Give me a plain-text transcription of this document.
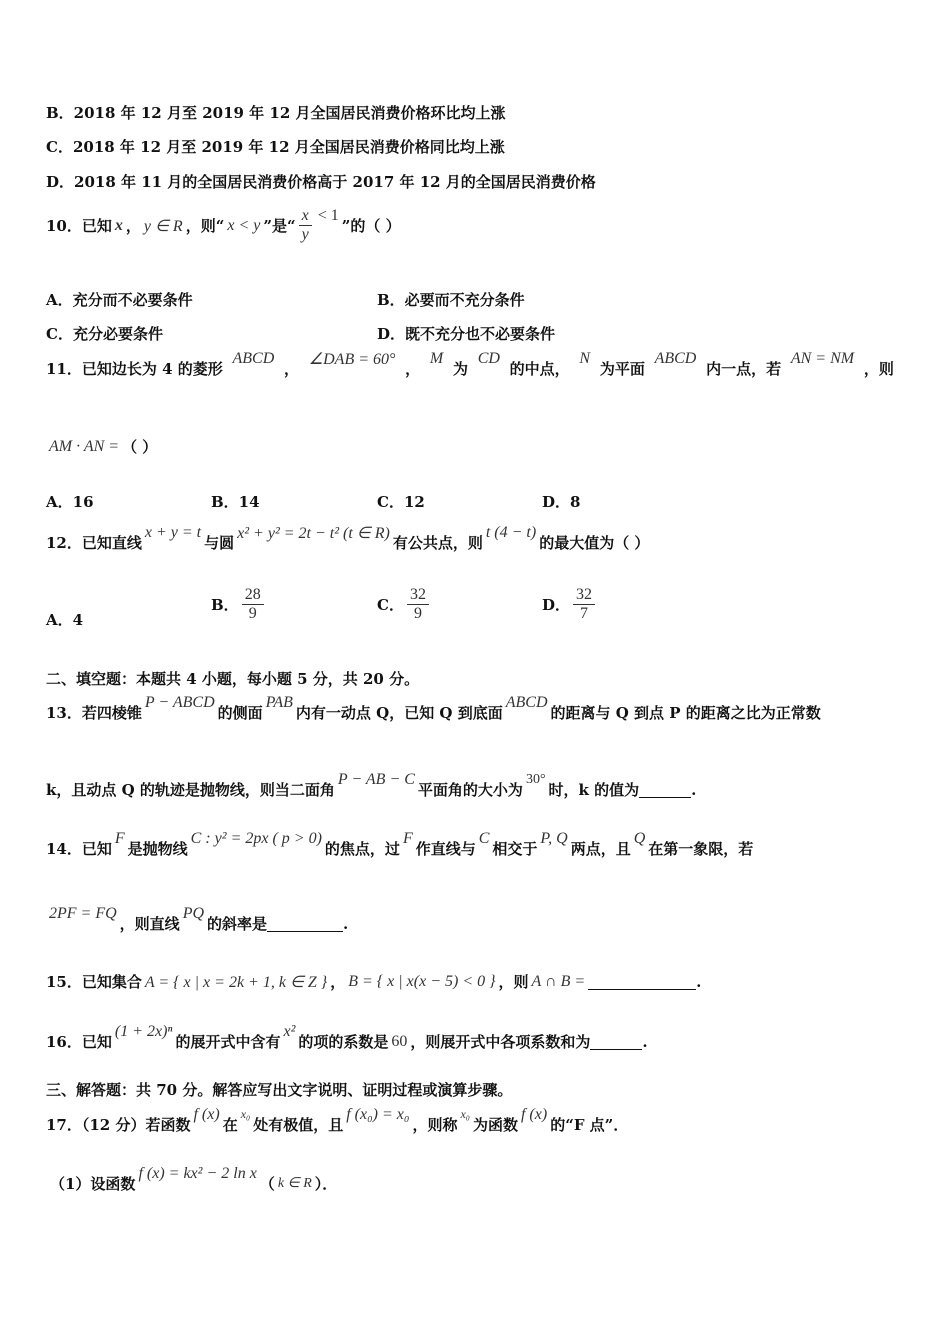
B．2018 年 12 月至 2019 年 12 月全国居民消费价格环比均上涨
C．2018 年 12 月至 2019 年 12 月全国居民消费价格同比均上涨
D．2018 年 11 月的全国居民消费价格高于 2017 年 12 月的全国居民消费价格
10．已知 x ， y ∈ R ，则“ x < y ”是“ $\frac{x}{y} < 1$
”的（ ）
A．充分而不必要条件	B．必要而不充分条件
C．充分必要条件	D．既不充分也不必要条件
11．已知边长为 4 的菱形
ABCD
，
∠DAB = 60°
，
M
为
CD
的中点，
N
为平面
ABCD
内一点，若
AN = NM
，则
AM · AN = （ ）
A．16	B．14	C．12	D．8
12．已知直线
x + y = t
与圆
x² + y² = 2t − t² (t ∈ R)
有公共点，则
t (4 − t)
的最大值为（ ）
A．4
B． $\frac{28}{9}$	C． $\frac{32}{9}$	D． $\frac{32}{7}$
二、填空题：本题共 4 小题，每小题 5 分，共 20 分。
13．若四棱锥
P − ABCD
的侧面
PAB
内有一动点 Q，已知 Q 到底面
ABCD
的距离与 Q 到点 P 的距离之比为正常数
k，且动点 Q 的轨迹是抛物线，则当二面角
P − AB − C
平面角的大小为
30°
时，k 的值为	.
14．已知
F
是抛物线
C : y² = 2px ( p > 0)
的焦点，过
F
作直线与
C
相交于
P, Q
两点，且
Q
在第一象限，若
2PF = FQ
，则直线
PQ
的斜率是	.
15．已知集合 A = { x | x = 2k + 1, k ∈ Z } ， B = { x | x(x − 5) < 0 } ，则 A ∩ B =	.
16．已知
(1 + 2x)ⁿ
的展开式中含有
x²
的项的系数是 60 ，则展开式中各项系数和为	.
三、解答题：共 70 分。解答应写出文字说明、证明过程或演算步骤。
17．（12 分）若函数
f (x)
在
x₀
处有极值，且
f (x₀) = x₀
，则称
x₀
为函数
f (x)
的“F 点”．
（1）设函数
f (x) = kx² − 2 ln x
（ k ∈ R ）．
